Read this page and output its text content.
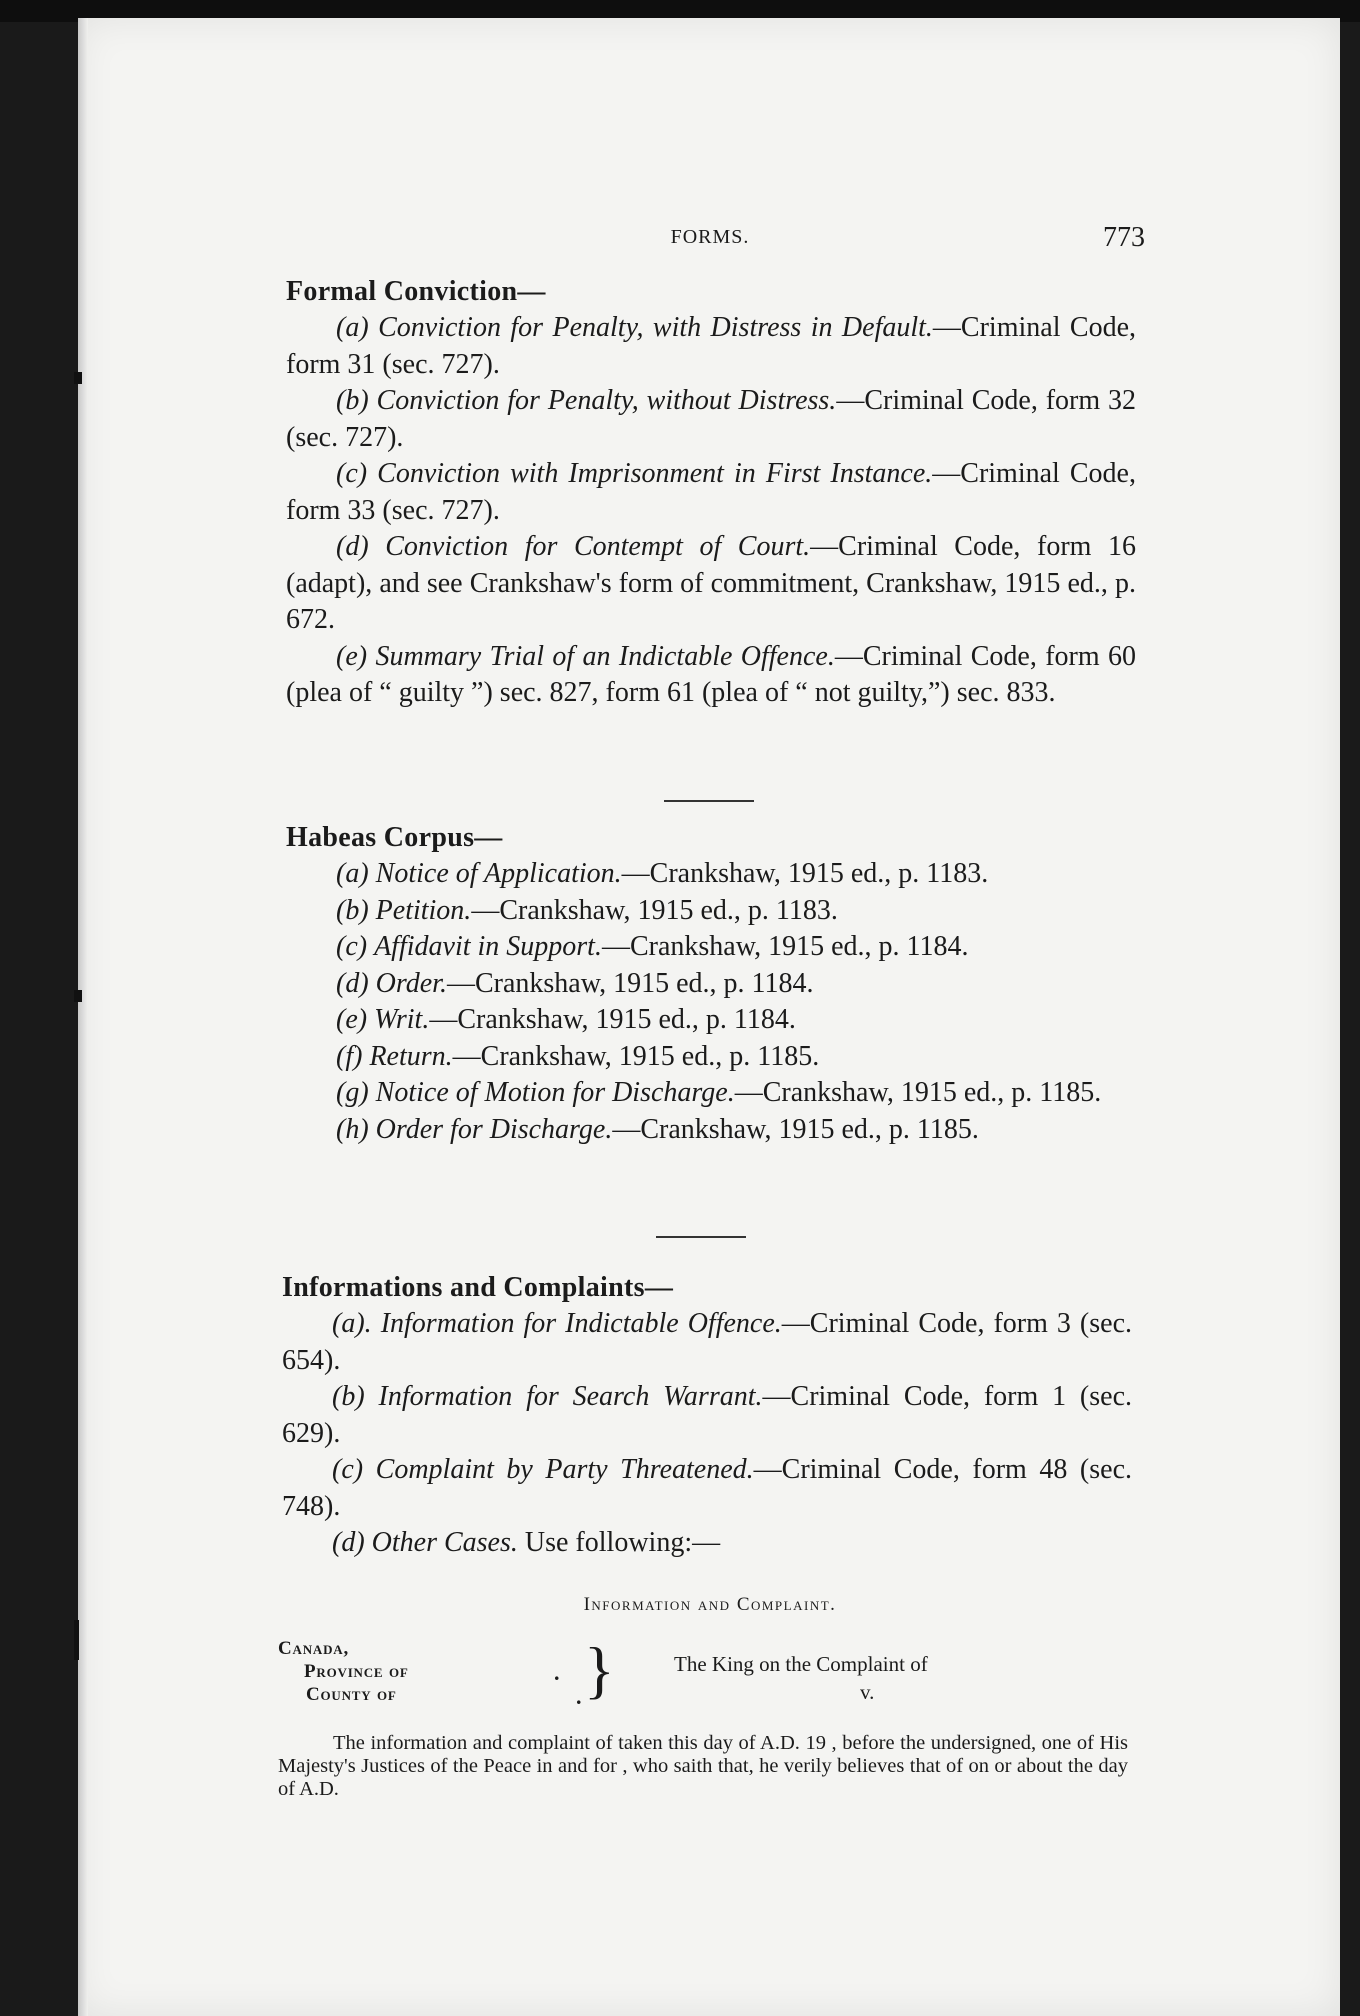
FORMS.	773
Formal Conviction—

(a) Conviction for Penalty, with Distress in Default.—Criminal Code, form 31 (sec. 727).

(b) Conviction for Penalty, without Distress.—Criminal Code, form 32 (sec. 727).

(c) Conviction with Imprisonment in First Instance.—Criminal Code, form 33 (sec. 727).

(d) Conviction for Contempt of Court.—Criminal Code, form 16 (adapt), and see Crankshaw's form of commitment, Crankshaw, 1915 ed., p. 672.

(e) Summary Trial of an Indictable Offence.—Criminal Code, form 60 (plea of “ guilty ”) sec. 827, form 61 (plea of “ not guilty,”) sec. 833.

Habeas Corpus—

(a) Notice of Application.—Crankshaw, 1915 ed., p. 1183.

(b) Petition.—Crankshaw, 1915 ed., p. 1183.

(c) Affidavit in Support.—Crankshaw, 1915 ed., p. 1184.

(d) Order.—Crankshaw, 1915 ed., p. 1184.

(e) Writ.—Crankshaw, 1915 ed., p. 1184.

(f) Return.—Crankshaw, 1915 ed., p. 1185.

(g) Notice of Motion for Discharge.—Crankshaw, 1915 ed., p. 1185.

(h) Order for Discharge.—Crankshaw, 1915 ed., p. 1185.

Informations and Complaints—

(a). Information for Indictable Offence.—Criminal Code, form 3 (sec. 654).

(b) Information for Search Warrant.—Criminal Code, form 1 (sec. 629).

(c) Complaint by Party Threatened.—Criminal Code, form 48 (sec. 748).

(d) Other Cases. Use following:—

Information and Complaint.
Canada,
Province of
County of
.
. }	The King on the Complaint of
v.

The information and complaint of taken this day of A.D. 19 , before the undersigned, one of His Majesty's Justices of the Peace in and for , who saith that, he verily believes that of on or about the day of A.D.
